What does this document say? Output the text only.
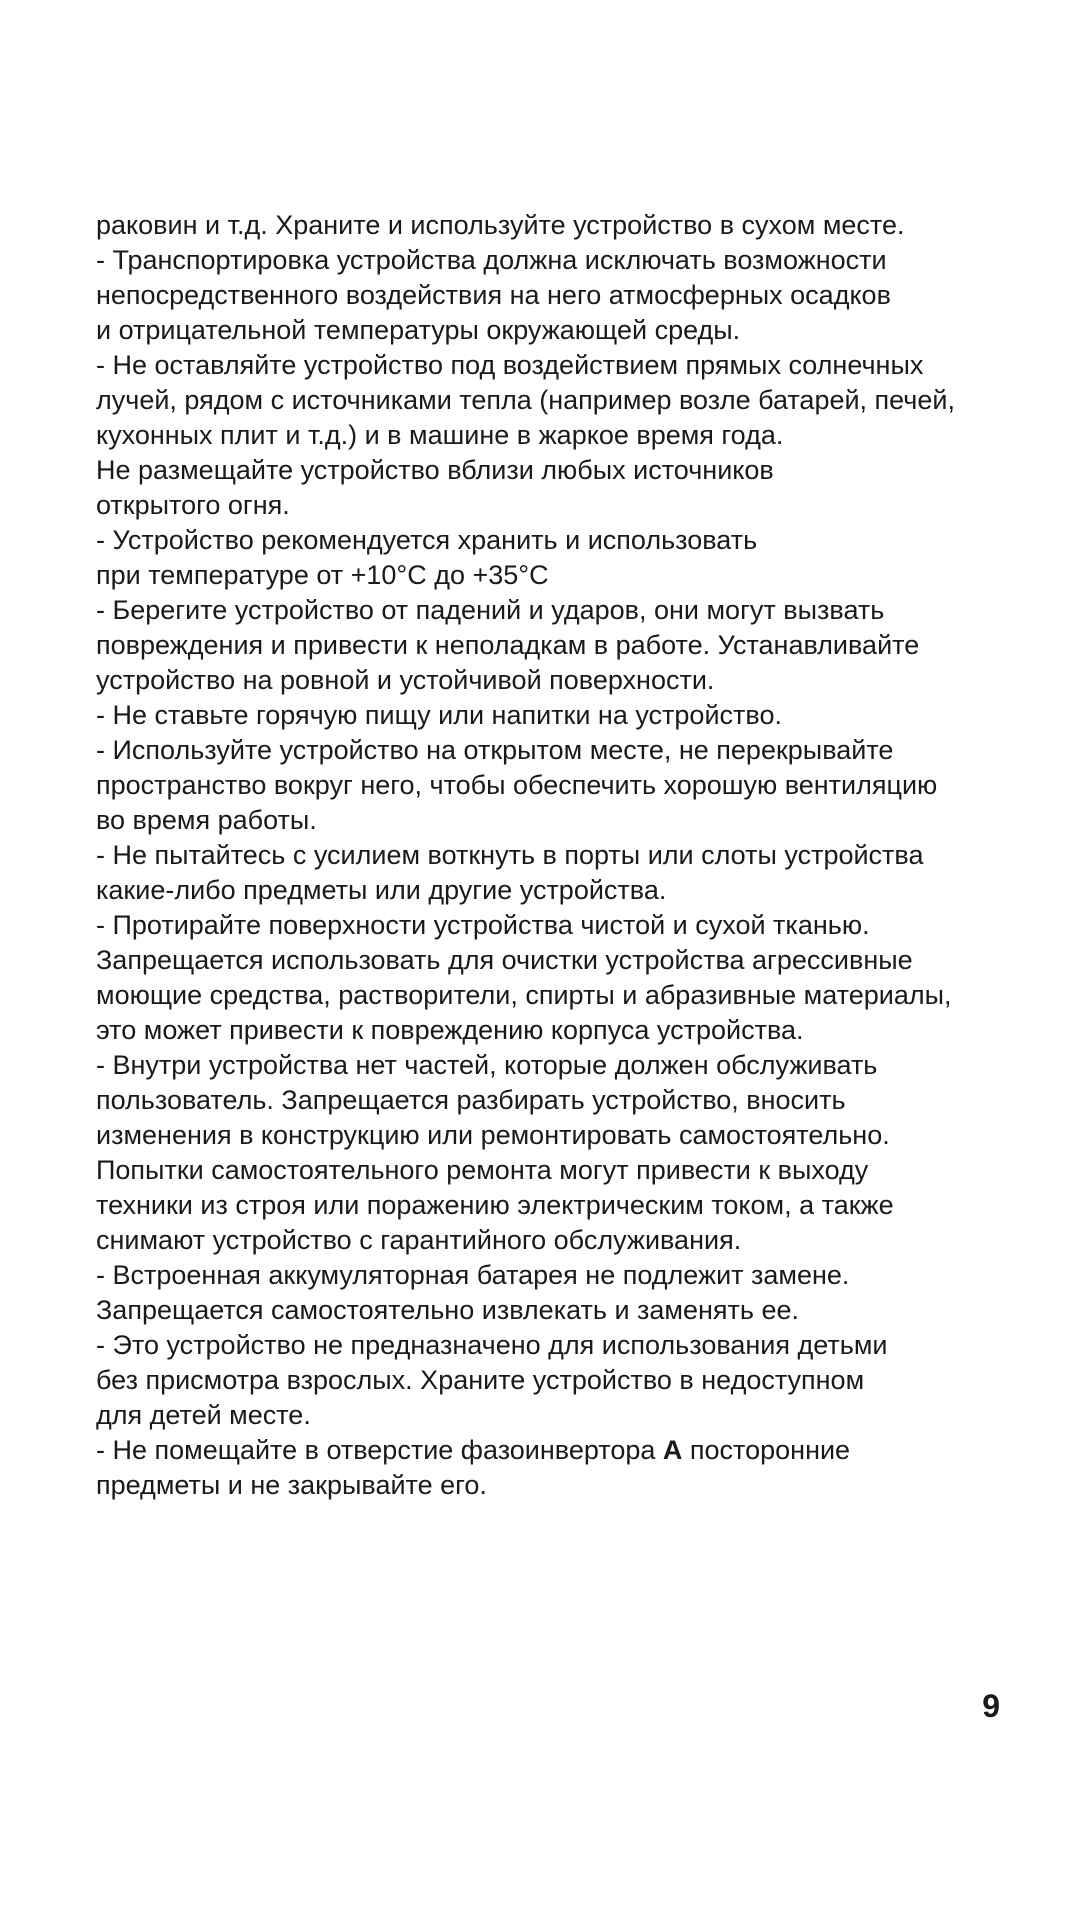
раковин и т.д. Храните и используйте устройство в сухом месте.
- Транспортировка устройства должна исключать возможности
непосредственного воздействия на него атмосферных осадков
и отрицательной температуры окружающей среды.
- Не оставляйте устройство под воздействием прямых солнечных
лучей, рядом с источниками тепла (например возле батарей, печей,
кухонных плит и т.д.) и в машине в жаркое время года.
Не размещайте устройство вблизи любых источников
открытого огня.
- Устройство рекомендуется хранить и использовать
при температуре от +10°С до +35°С
- Берегите устройство от падений и ударов, они могут вызвать
повреждения и привести к неполадкам в работе. Устанавливайте
устройство на ровной и устойчивой поверхности.
- Не ставьте горячую пищу или напитки на устройство.
- Используйте устройство на открытом месте, не перекрывайте
пространство вокруг него, чтобы обеспечить хорошую вентиляцию
во время работы.
- Не пытайтесь с усилием воткнуть в порты или слоты устройства
какие-либо предметы или другие устройства.
- Протирайте поверхности устройства чистой и сухой тканью.
Запрещается использовать для очистки устройства агрессивные
моющие средства, растворители, спирты и абразивные материалы,
это может привести к повреждению корпуса устройства.
- Внутри устройства нет частей, которые должен обслуживать
пользователь. Запрещается разбирать устройство, вносить
изменения в конструкцию или ремонтировать самостоятельно.
Попытки самостоятельного ремонта могут привести к выходу
техники из строя или поражению электрическим током, а также
снимают устройство с гарантийного обслуживания.
- Встроенная аккумуляторная батарея не подлежит замене.
Запрещается самостоятельно извлекать и заменять ее.
- Это устройство не предназначено для использования детьми
без присмотра взрослых. Храните устройство в недоступном
для детей месте.
- Не помещайте в отверстие фазоинвертора A посторонние
предметы и не закрывайте его.
9
